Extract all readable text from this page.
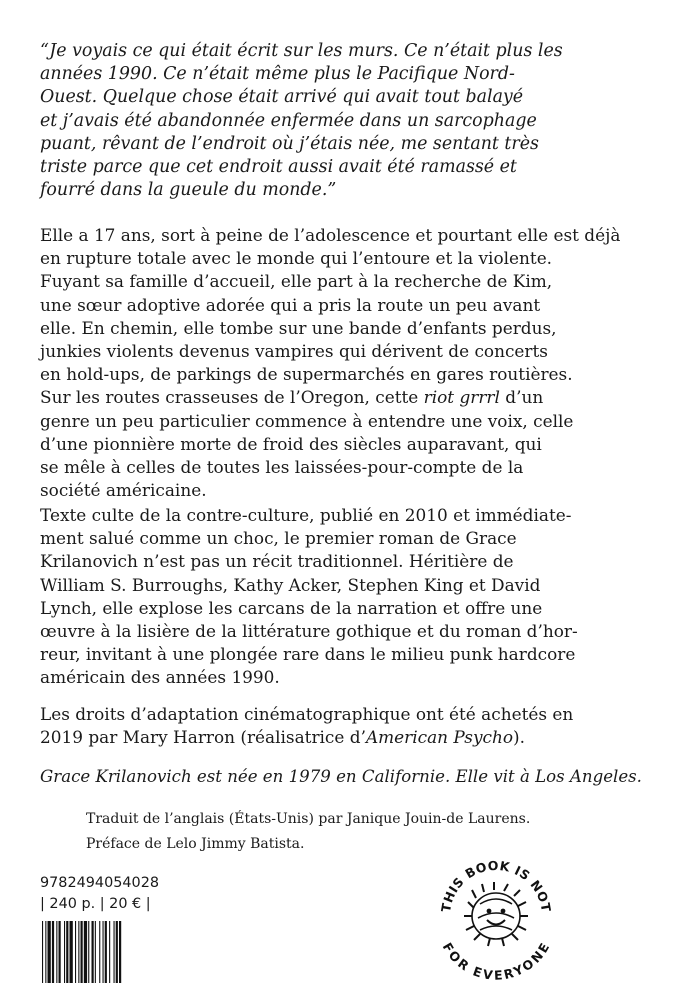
“Je voyais ce qui était écrit sur les murs. Ce n’était plus les
années 1990. Ce n’était même plus le Pacifique Nord-
Ouest. Quelque chose était arrivé qui avait tout balayé
et j’avais été abandonnée enfermée dans un sarcophage
puant, rêvant de l’endroit où j’étais née, me sentant très
triste parce que cet endroit aussi avait été ramassé et
fourré dans la gueule du monde.”
Elle a 17 ans, sort à peine de l’adolescence et pourtant elle est déjà
en rupture totale avec le monde qui l’entoure et la violente.
Fuyant sa famille d’accueil, elle part à la recherche de Kim,
une sœur adoptive adorée qui a pris la route un peu avant
elle. En chemin, elle tombe sur une bande d’enfants perdus,
junkies violents devenus vampires qui dérivent de concerts
en hold-ups, de parkings de supermarchés en gares routières.
Sur les routes crasseuses de l’Oregon, cette riot grrrl d’un
genre un peu particulier commence à entendre une voix, celle
d’une pionnière morte de froid des siècles auparavant, qui
se mêle à celles de toutes les laissées-pour-compte de la
société américaine.
Texte culte de la contre-culture, publié en 2010 et immédiate-
ment salué comme un choc, le premier roman de Grace
Krilanovich n’est pas un récit traditionnel. Héritière de
William S. Burroughs, Kathy Acker, Stephen King et David
Lynch, elle explose les carcans de la narration et offre une
œuvre à la lisière de la littérature gothique et du roman d’hor-
reur, invitant à une plongée rare dans le milieu punk hardcore
américain des années 1990.
Les droits d’adaptation cinématographique ont été achetés en
2019 par Mary Harron (réalisatrice d’American Psycho).
Grace Krilanovich est née en 1979 en Californie. Elle vit à Los Angeles.
Traduit de l’anglais (États-Unis) par Janique Jouin-de Laurens.
Préface de Lelo Jimmy Batista.
9782494054028
| 240 p. | 20 € |	THIS BOOK IS NOT
FOR EVERYONE
